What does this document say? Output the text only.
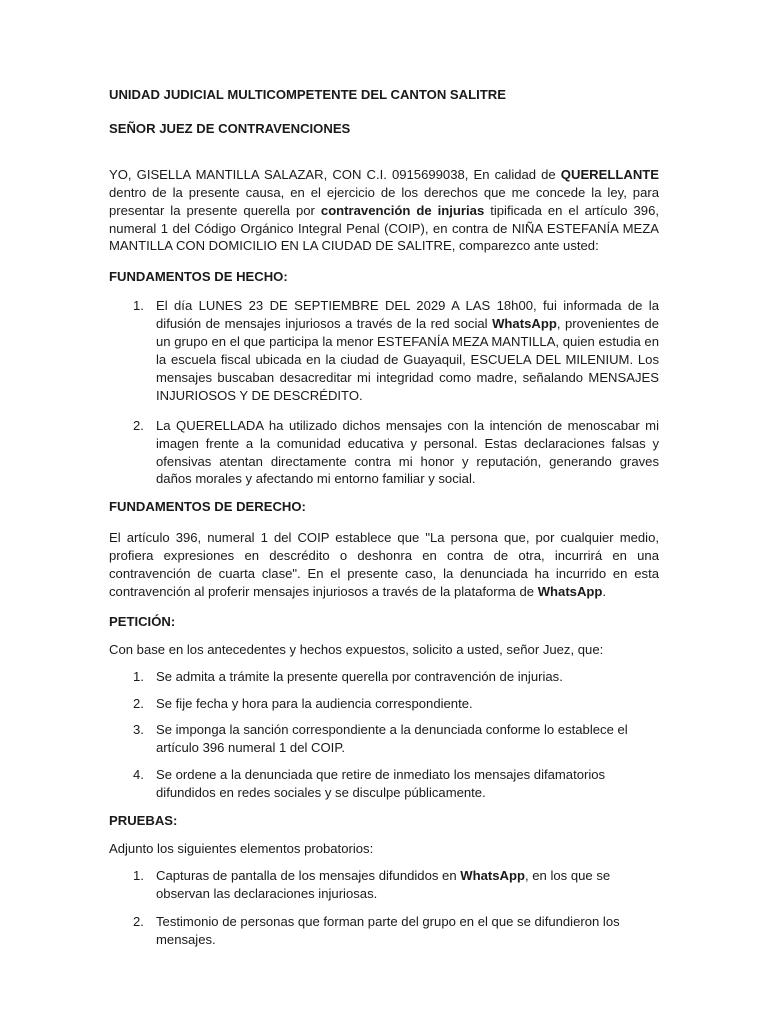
UNIDAD JUDICIAL MULTICOMPETENTE DEL CANTON SALITRE

SEÑOR JUEZ DE CONTRAVENCIONES

YO, GISELLA MANTILLA SALAZAR, CON C.I. 0915699038, En calidad de QUERELLANTE dentro de la presente causa, en el ejercicio de los derechos que me concede la ley, para presentar la presente querella por contravención de injurias tipificada en el artículo 396, numeral 1 del Código Orgánico Integral Penal (COIP), en contra de NIÑA ESTEFANÍA MEZA MANTILLA CON DOMICILIO EN LA CIUDAD DE SALITRE, comparezco ante usted:

FUNDAMENTOS DE HECHO:

1. El día LUNES 23 DE SEPTIEMBRE DEL 2029 A LAS 18h00, fui informada de la difusión de mensajes injuriosos a través de la red social WhatsApp, provenientes de un grupo en el que participa la menor ESTEFANÍA MEZA MANTILLA, quien estudia en la escuela fiscal ubicada en la ciudad de Guayaquil, ESCUELA DEL MILENIUM. Los mensajes buscaban desacreditar mi integridad como madre, señalando MENSAJES INJURIOSOS Y DE DESCRÉDITO.
2. La QUERELLADA ha utilizado dichos mensajes con la intención de menoscabar mi imagen frente a la comunidad educativa y personal. Estas declaraciones falsas y ofensivas atentan directamente contra mi honor y reputación, generando graves daños morales y afectando mi entorno familiar y social.

FUNDAMENTOS DE DERECHO:

El artículo 396, numeral 1 del COIP establece que "La persona que, por cualquier medio, profiera expresiones en descrédito o deshonra en contra de otra, incurrirá en una contravención de cuarta clase". En el presente caso, la denunciada ha incurrido en esta contravención al proferir mensajes injuriosos a través de la plataforma de WhatsApp.

PETICIÓN:

Con base en los antecedentes y hechos expuestos, solicito a usted, señor Juez, que:

1. Se admita a trámite la presente querella por contravención de injurias.
2. Se fije fecha y hora para la audiencia correspondiente.
3. Se imponga la sanción correspondiente a la denunciada conforme lo establece el artículo 396 numeral 1 del COIP.
4. Se ordene a la denunciada que retire de inmediato los mensajes difamatorios difundidos en redes sociales y se disculpe públicamente.

PRUEBAS:

Adjunto los siguientes elementos probatorios:

1. Capturas de pantalla de los mensajes difundidos en WhatsApp, en los que se observan las declaraciones injuriosas.
2. Testimonio de personas que forman parte del grupo en el que se difundieron los mensajes.
